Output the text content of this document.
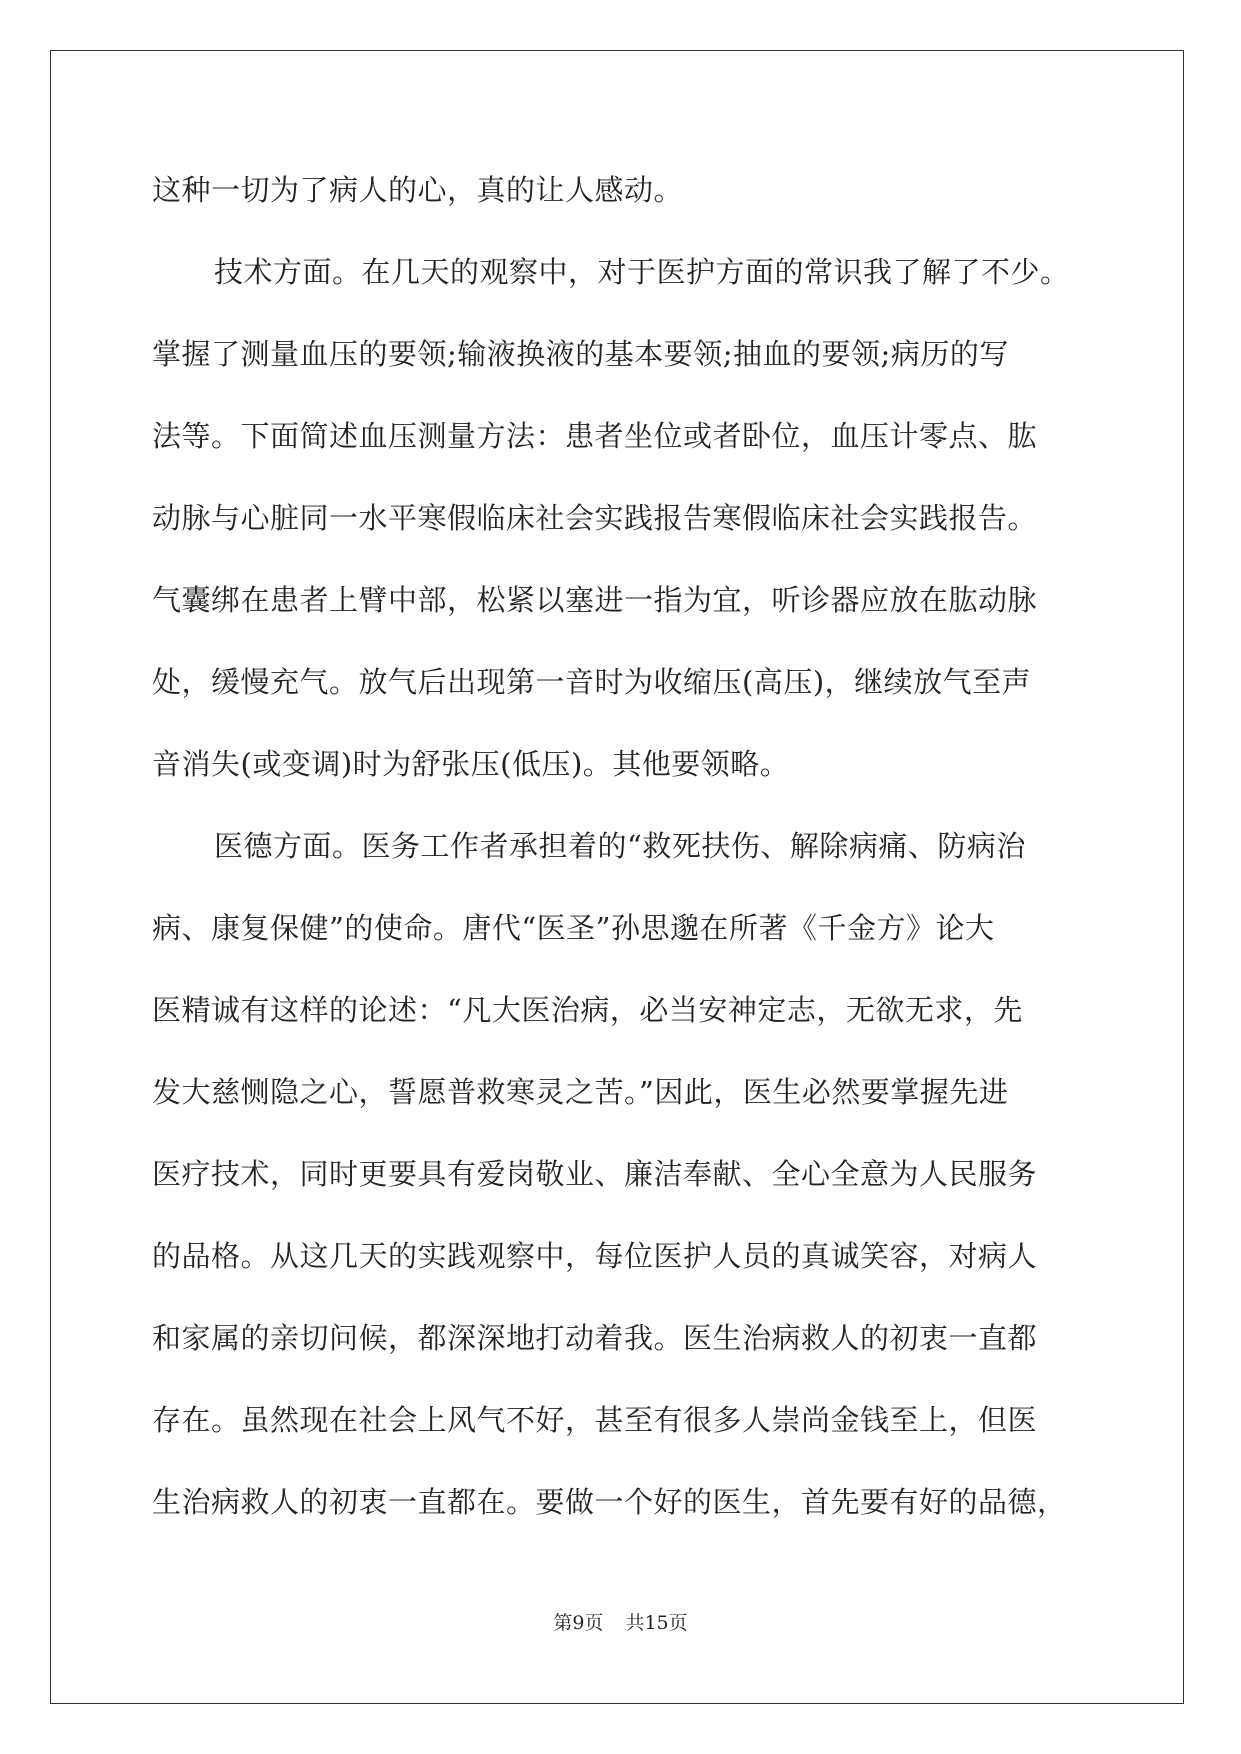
这种一切为了病人的心，真的让人感动。
技术方面。在几天的观察中，对于医护方面的常识我了解了不少。
掌握了测量血压的要领;输液换液的基本要领;抽血的要领;病历的写
法等。下面简述血压测量方法：患者坐位或者卧位，血压计零点、肱
动脉与心脏同一水平寒假临床社会实践报告寒假临床社会实践报告。
气囊绑在患者上臂中部，松紧以塞进一指为宜，听诊器应放在肱动脉
处，缓慢充气。放气后出现第一音时为收缩压(高压)，继续放气至声
音消失(或变调)时为舒张压(低压)。其他要领略。
医德方面。医务工作者承担着的“救死扶伤、解除病痛、防病治
病、康复保健”的使命。唐代“医圣”孙思邈在所著《千金方》论大
医精诚有这样的论述：“凡大医治病，必当安神定志，无欲无求，先
发大慈恻隐之心，誓愿普救寒灵之苦。”因此，医生必然要掌握先进
医疗技术，同时更要具有爱岗敬业、廉洁奉献、全心全意为人民服务
的品格。从这几天的实践观察中，每位医护人员的真诚笑容，对病人
和家属的亲切问候，都深深地打动着我。医生治病救人的初衷一直都
存在。虽然现在社会上风气不好，甚至有很多人崇尚金钱至上，但医
生治病救人的初衷一直都在。要做一个好的医生，首先要有好的品德，
第9页 共15页
